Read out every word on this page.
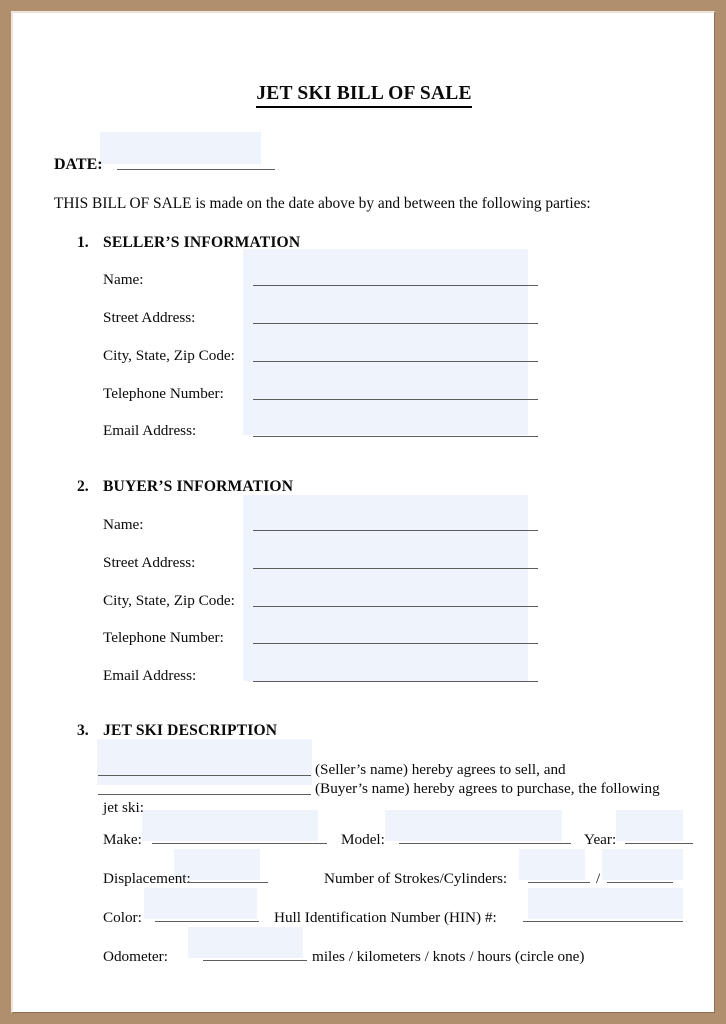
JET SKI BILL OF SALE
DATE:
THIS BILL OF SALE is made on the date above by and between the following parties:
1. SELLER’S INFORMATION
Name:
Street Address:
City, State, Zip Code:
Telephone Number:
Email Address:
2. BUYER’S INFORMATION
Name:
Street Address:
City, State, Zip Code:
Telephone Number:
Email Address:
3. JET SKI DESCRIPTION
(Seller’s name) hereby agrees to sell, and
(Buyer’s name) hereby agrees to purchase, the following
jet ski:
Make:	Model:	Year:
Displacement:	Number of Strokes/Cylinders:	/
Color:	Hull Identification Number (HIN) #:
Odometer:	miles / kilometers / knots / hours (circle one)
